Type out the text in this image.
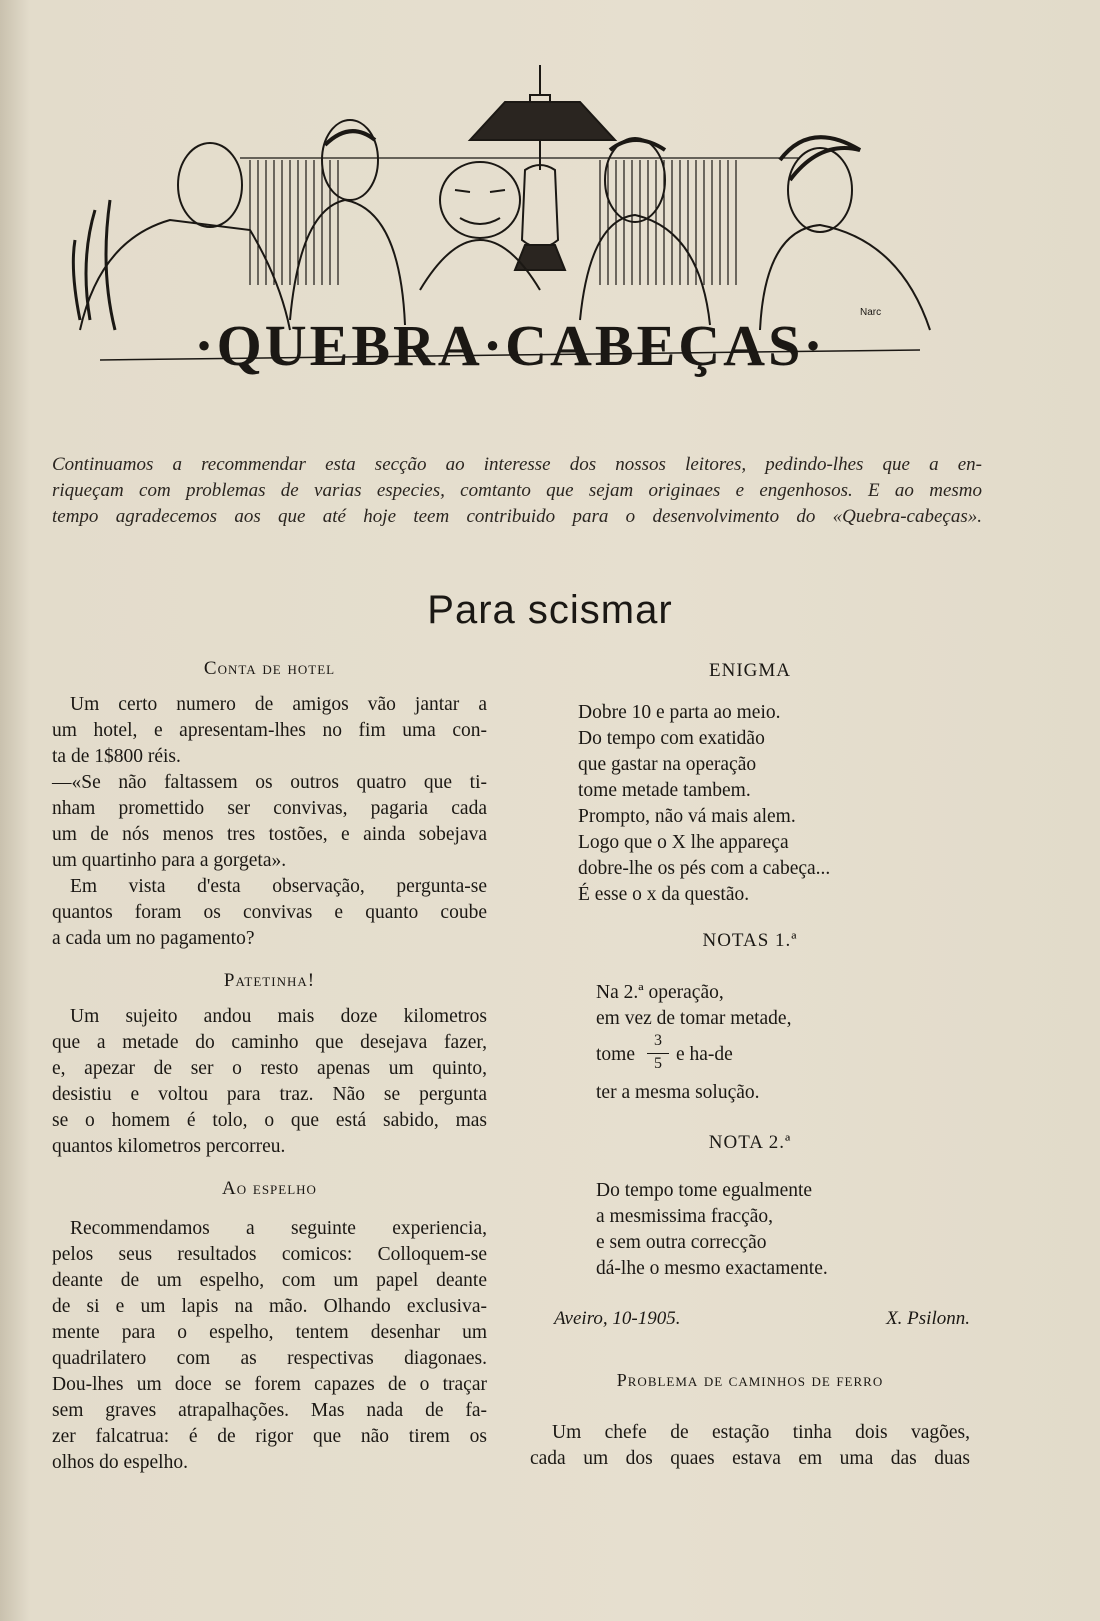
·QUEBRA·CABEÇAS·
Narc
Continuamos a recommendar esta secção ao interesse dos nossos leitores, pedindo-lhes que a en-
riqueçam com problemas de varias especies, comtanto que sejam originaes e engenhosos. E ao mesmo
tempo agradecemos aos que até hoje teem contribuido para o desenvolvimento do «Quebra-cabeças».
Para scismar
Conta de hotel
Um certo numero de amigos vão jantar a
um hotel, e apresentam-lhes no fim uma con-
ta de 1$800 réis.
—«Se não faltassem os outros quatro que ti-
nham promettido ser convivas, pagaria cada
um de nós menos tres tostões, e ainda sobejava
um quartinho para a gorgeta».
Em vista d'esta observação, pergunta-se
quantos foram os convivas e quanto coube
a cada um no pagamento?
Patetinha!
Um sujeito andou mais doze kilometros
que a metade do caminho que desejava fazer,
e, apezar de ser o resto apenas um quinto,
desistiu e voltou para traz. Não se pergunta
se o homem é tolo, o que está sabido, mas
quantos kilometros percorreu.
Ao espelho
Recommendamos a seguinte experiencia,
pelos seus resultados comicos: Colloquem-se
deante de um espelho, com um papel deante
de si e um lapis na mão. Olhando exclusiva-
mente para o espelho, tentem desenhar um
quadrilatero com as respectivas diagonaes.
Dou-lhes um doce se forem capazes de o traçar
sem graves atrapalhações. Mas nada de fa-
zer falcatrua: é de rigor que não tirem os
olhos do espelho.
ENIGMA
Dobre 10 e parta ao meio.
Do tempo com exatidão
que gastar na operação
tome metade tambem.
Prompto, não vá mais alem.
Logo que o X lhe appareça
dobre-lhe os pés com a cabeça...
É esse o x da questão.
NOTAS 1.ª
Na 2.ª operação,
em vez de tomar metade,
tome
3
5 e ha-de
ter a mesma solução.
NOTA 2.ª
Do tempo tome egualmente
a mesmissima fracção,
e sem outra correcção
dá-lhe o mesmo exactamente.
Aveiro, 10-1905.	X. Psilonn.
Problema de caminhos de ferro
Um chefe de estação tinha dois vagões,
cada um dos quaes estava em uma das duas
